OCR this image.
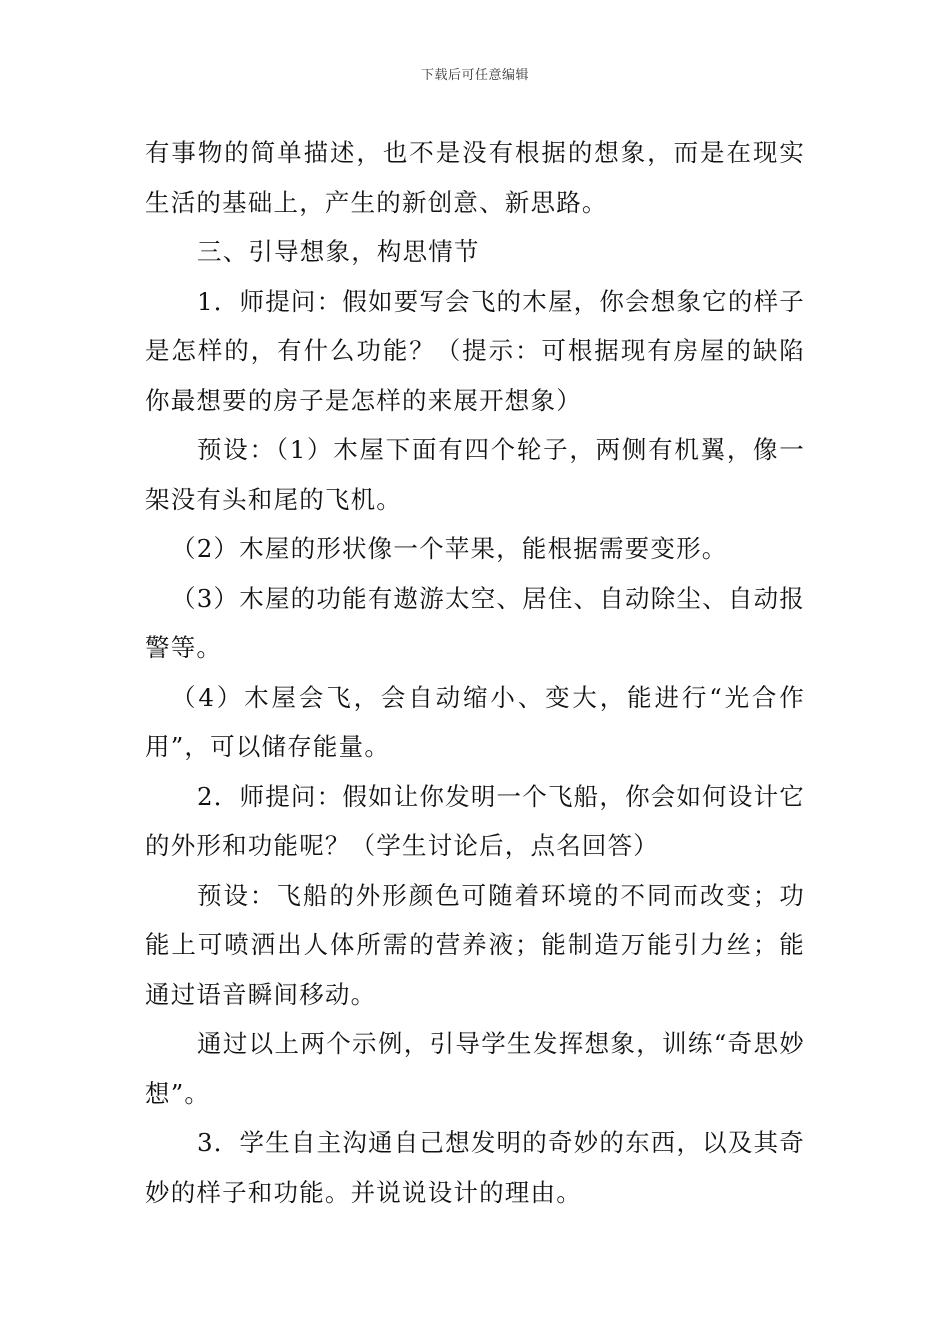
下载后可任意编辑

有事物的简单描述，也不是没有根据的想象，而是在现实生活的基础上，产生的新创意、新思路。

三、引导想象，构思情节

1．师提问：假如要写会飞的木屋，你会想象它的样子是怎样的，有什么功能？（提示：可根据现有房屋的缺陷你最想要的房子是怎样的来展开想象）

预设：（1）木屋下面有四个轮子，两侧有机翼，像一架没有头和尾的飞机。

（2）木屋的形状像一个苹果，能根据需要变形。

（3）木屋的功能有遨游太空、居住、自动除尘、自动报警等。

（4）木屋会飞，会自动缩小、变大，能进行“光合作用”，可以储存能量。

2．师提问：假如让你发明一个飞船，你会如何设计它的外形和功能呢？（学生讨论后，点名回答）

预设：飞船的外形颜色可随着环境的不同而改变；功能上可喷洒出人体所需的营养液；能制造万能引力丝；能通过语音瞬间移动。

通过以上两个示例，引导学生发挥想象，训练“奇思妙想”。

3．学生自主沟通自己想发明的奇妙的东西，以及其奇妙的样子和功能。并说说设计的理由。
